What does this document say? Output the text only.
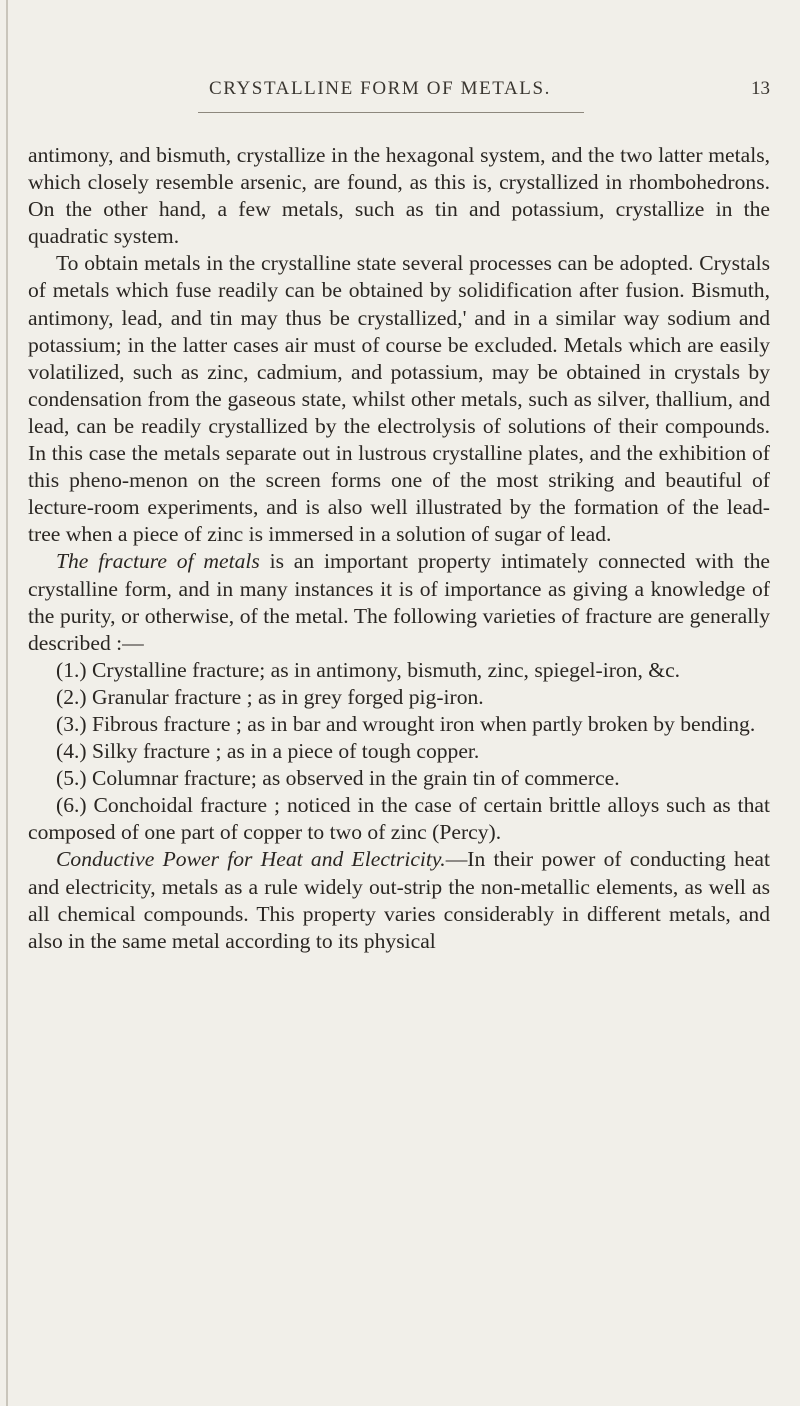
CRYSTALLINE FORM OF METALS.	13

antimony, and bismuth, crystallize in the hexagonal system, and the two latter metals, which closely resemble arsenic, are found, as this is, crystallized in rhombohedrons. On the other hand, a few metals, such as tin and potassium, crystallize in the quadratic system.

To obtain metals in the crystalline state several processes can be adopted. Crystals of metals which fuse readily can be obtained by solidification after fusion. Bismuth, antimony, lead, and tin may thus be crystallized,' and in a similar way sodium and potassium; in the latter cases air must of course be excluded. Metals which are easily volatilized, such as zinc, cadmium, and potassium, may be obtained in crystals by condensation from the gaseous state, whilst other metals, such as silver, thallium, and lead, can be readily crystallized by the electrolysis of solutions of their compounds. In this case the metals separate out in lustrous crystalline plates, and the exhibition of this pheno-menon on the screen forms one of the most striking and beautiful of lecture-room experiments, and is also well illustrated by the formation of the lead-tree when a piece of zinc is immersed in a solution of sugar of lead.

The fracture of metals is an important property intimately connected with the crystalline form, and in many instances it is of importance as giving a knowledge of the purity, or otherwise, of the metal. The following varieties of fracture are generally described :—

(1.) Crystalline fracture; as in antimony, bismuth, zinc, spiegel-iron, &c.

(2.) Granular fracture ; as in grey forged pig-iron.

(3.) Fibrous fracture ; as in bar and wrought iron when partly broken by bending.

(4.) Silky fracture ; as in a piece of tough copper.

(5.) Columnar fracture; as observed in the grain tin of commerce.

(6.) Conchoidal fracture ; noticed in the case of certain brittle alloys such as that composed of one part of copper to two of zinc (Percy).

Conductive Power for Heat and Electricity.—In their power of conducting heat and electricity, metals as a rule widely out-strip the non-metallic elements, as well as all chemical compounds. This property varies considerably in different metals, and also in the same metal according to its physical
